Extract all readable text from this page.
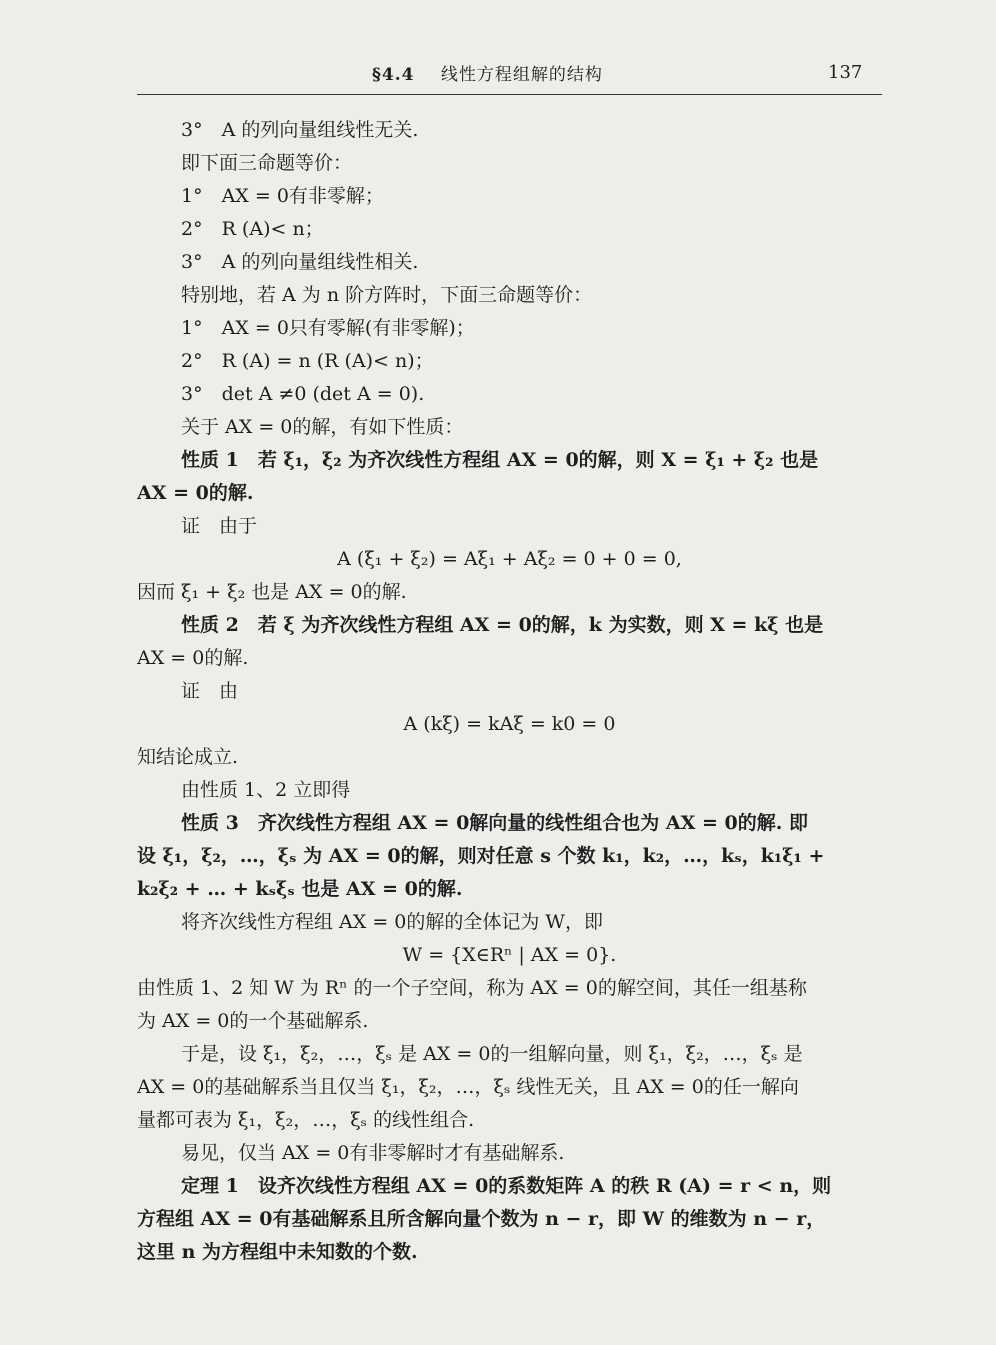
§4.4 线性方程组解的结构	137
3°　A 的列向量组线性无关.
即下面三命题等价：
1°　AX = 0有非零解；
2°　R (A)< n；
3°　A 的列向量组线性相关.
特别地，若 A 为 n 阶方阵时，下面三命题等价：
1°　AX = 0只有零解(有非零解)；
2°　R (A) = n (R (A)< n)；
3°　det A ≠0 (det A = 0).
关于 AX = 0的解，有如下性质：
性质 1　若 ξ₁，ξ₂ 为齐次线性方程组 AX = 0的解，则 X = ξ₁ + ξ₂ 也是
AX = 0的解.
证　由于
A (ξ₁ + ξ₂) = Aξ₁ + Aξ₂ = 0 + 0 = 0,
因而 ξ₁ + ξ₂ 也是 AX = 0的解.
性质 2　若 ξ 为齐次线性方程组 AX = 0的解，k 为实数，则 X = kξ 也是
AX = 0的解.
证　由
A (kξ) = kAξ = k0 = 0
知结论成立.
由性质 1、2 立即得
性质 3　齐次线性方程组 AX = 0解向量的线性组合也为 AX = 0的解. 即
设 ξ₁，ξ₂，…，ξₛ 为 AX = 0的解，则对任意 s 个数 k₁，k₂，…，kₛ，k₁ξ₁ +
k₂ξ₂ + … + kₛξₛ 也是 AX = 0的解.
将齐次线性方程组 AX = 0的解的全体记为 W，即
W = {X∈Rⁿ | AX = 0}.
由性质 1、2 知 W 为 Rⁿ 的一个子空间，称为 AX = 0的解空间，其任一组基称
为 AX = 0的一个基础解系.
于是，设 ξ₁，ξ₂，…，ξₛ 是 AX = 0的一组解向量，则 ξ₁，ξ₂，…，ξₛ 是
AX = 0的基础解系当且仅当 ξ₁，ξ₂，…，ξₛ 线性无关，且 AX = 0的任一解向
量都可表为 ξ₁，ξ₂，…，ξₛ 的线性组合.
易见，仅当 AX = 0有非零解时才有基础解系.
定理 1　设齐次线性方程组 AX = 0的系数矩阵 A 的秩 R (A) = r < n，则
方程组 AX = 0有基础解系且所含解向量个数为 n − r，即 W 的维数为 n − r，
这里 n 为方程组中未知数的个数.
